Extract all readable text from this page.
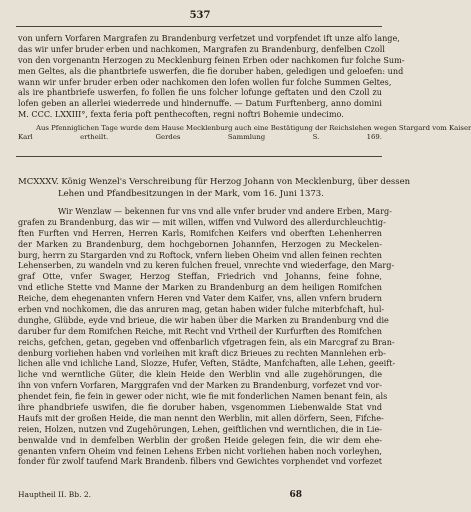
537
von unfern Vorfaren Margrafen zu Brandenburg verfetzet und vorpfendet ift unze alfo lange,
das wir unfer bruder erben und nachkomen, Margrafen zu Brandenburg, denfelben Czoll
von den vorgenantn Herzogen zu Mecklenburg feinen Erben oder nachkomen fur folche Sum-
men Geltes, als die phantbriefe uswerfen, die fie doruber haben, geledigen und geloefen: und
wann wir unfer bruder erben oder nachkomen den lofen wollen fur folche Summen Geltes,
als ire phantbriefe uswerfen, fo follen fie uns folcher lofunge geftaten und den Czoll zu
lofen geben an allerlei wiederrede und hindernuffe. — Datum Furftenberg, anno domini
M. CCC. LXXIII°, fexta feria poft penthecoften, regni noftri Bohemie undecimo.
Aus Pfenniglichen Tage wurde dem Hause Mecklenburg auch eine Bestätigung der Reichslehen wegen Stargard vom Kaiser
Karl ertheilt. Gerdes Sammlung S. 169.
MCXXXV. König Wenzel's Verschreibung für Herzog Johann von Mecklenburg, über dessen
Lehen und Pfandbesitzungen in der Mark, vom 16. Juni 1373.
Wir Wenzlaw — bekennen fur vns vnd alle vnfer bruder vnd andere Erben, Marg-
grafen zu Brandenburg, das wir — mit willen, wiffen vnd Vulword des allerdurchleuchtig-
ften Furften vnd Herren, Herren Karls, Romifchen Keifers vnd oberften Lehenherren
der Marken zu Brandenburg, dem hochgebornen Johannfen, Herzogen zu Meckelen-
burg, herrn zu Stargarden vnd zu Roftock, vnfern lieben Oheim vnd allen feinen rechten
Lehenserben, zu wandeln vnd zu keren fulchen freuel, vnrechte vnd wiederfage, den Marg-
graf Otte, vnfer Swager, Herzog Steffan, Friedrich vnd Johanns, feine fohne,
vnd etliche Stette vnd Manne der Marken zu Brandenburg an dem heiligen Romifchen
Reiche, dem ehegenanten vnfern Heren vnd Vater dem Kaifer, vns, allen vnfern brudern
erben vnd nochkomen, die das anruren mag, getan haben wider fulche miterbfchaft, hul-
dunghe, Glübde, eyde vnd brieue, die wir haben über die Marken zu Brandenburg vnd die
daruber fur dem Romifchen Reiche, mit Recht vnd Vrtheil der Kurfurften des Romifchen
reichs, gefchen, getan, gegeben vnd offenbarlich vfgetragen fein, als ein Marcgraf zu Bran-
denburg vorliehen haben vnd vorleihen mit kraft dicz Brieues zu rechten Mannlehen erb-
lichen alle vnd ichliche Land, Slozze, Hufer, Veften, Städte, Manfchaften, alle Lehen, geeift-
liche vnd werntliche Güter, die klein Heide den Werblin vnd alle zugehörungen, die
ihn von vnfern Vorfaren, Marggrafen vnd der Marken zu Brandenburg, vorfezet vnd vor-
phendet fein, fie fein in gewer oder nicht, wie fie mit fonderlichen Namen benant fein, als
ihre phandbriefe uswifen, die fie doruber haben, vsgenommen Liebenwalde Stat vnd
Haufs mit der großen Heide, die man nennt den Werblin, mit allen dörfern, Seen, Fifche-
reien, Holzen, nutzen vnd Zugehörungen, Lehen, geiftlichen vnd werntlichen, die in Lie-
benwalde vnd in demfelben Werblin der großen Heide gelegen fein, die wir dem ehe-
genanten vnfern Oheim vnd feinen Lehens Erben nicht vorliehen haben noch vorleyhen,
fonder für zwolf taufend Mark Brandenb. filbers vnd Gewichtes vorphendet vnd vorfezet
Hauptheil II. Bb. 2.	68
